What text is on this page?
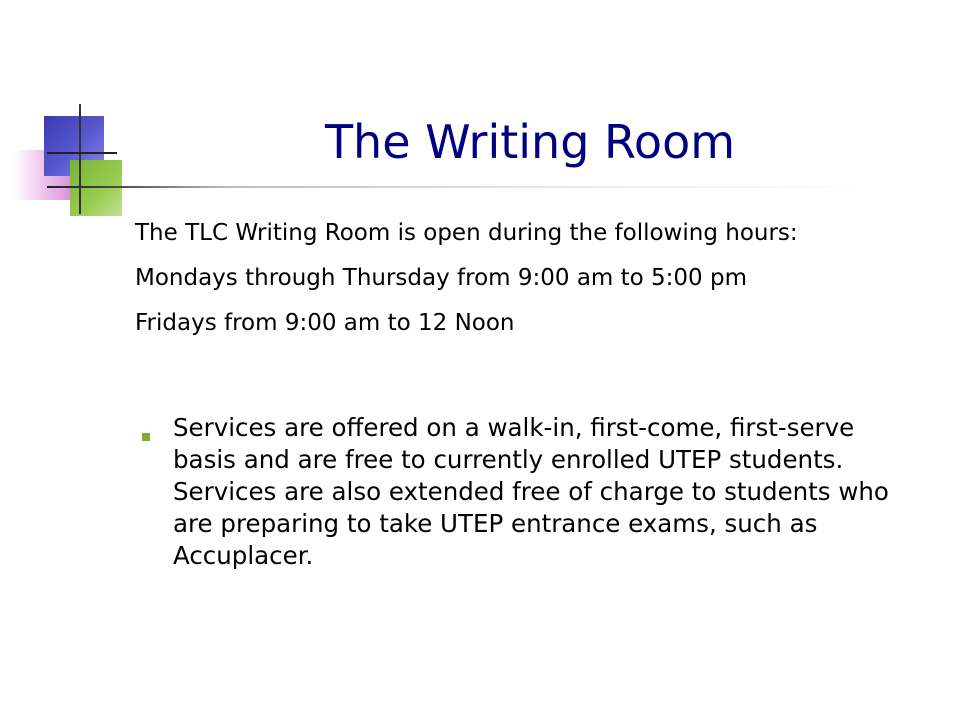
The Writing Room

The TLC Writing Room is open during the following hours:

Mondays through Thursday from 9:00 am to 5:00 pm

Fridays from 9:00 am to 12 Noon

Services are offered on a walk-in, first-come, first-serve basis and are free to currently enrolled UTEP students. Services are also extended free of charge to students who are preparing to take UTEP entrance exams, such as Accuplacer.
